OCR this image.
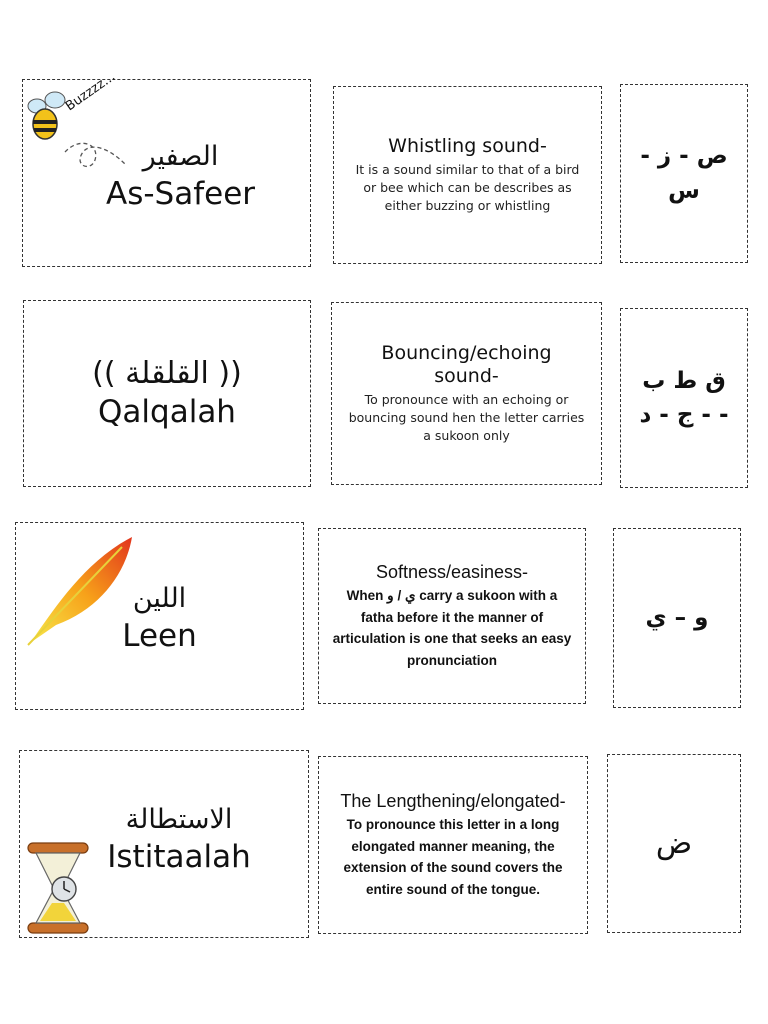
Buzzzz...
الصفير
As-Safeer
Whistling sound-
It is a sound similar to that of a bird or bee which can be describes as either buzzing or whistling
ص - ز - س
(( القلقلة ))
Qalqalah
Bouncing/echoing sound-
To pronounce with an echoing or bouncing sound hen the letter carries a sukoon only
ق ط ب - - ج - د
اللين
Leen
Softness/easiness-
When ي / و carry a sukoon with a fatha before it the manner of articulation is one that seeks an easy pronunciation
و – ي
الاستطالة
Istitaalah
The Lengthening/elongated-
To pronounce this letter in a long elongated manner meaning, the extension of the sound covers the entire sound of the tongue.
ض
